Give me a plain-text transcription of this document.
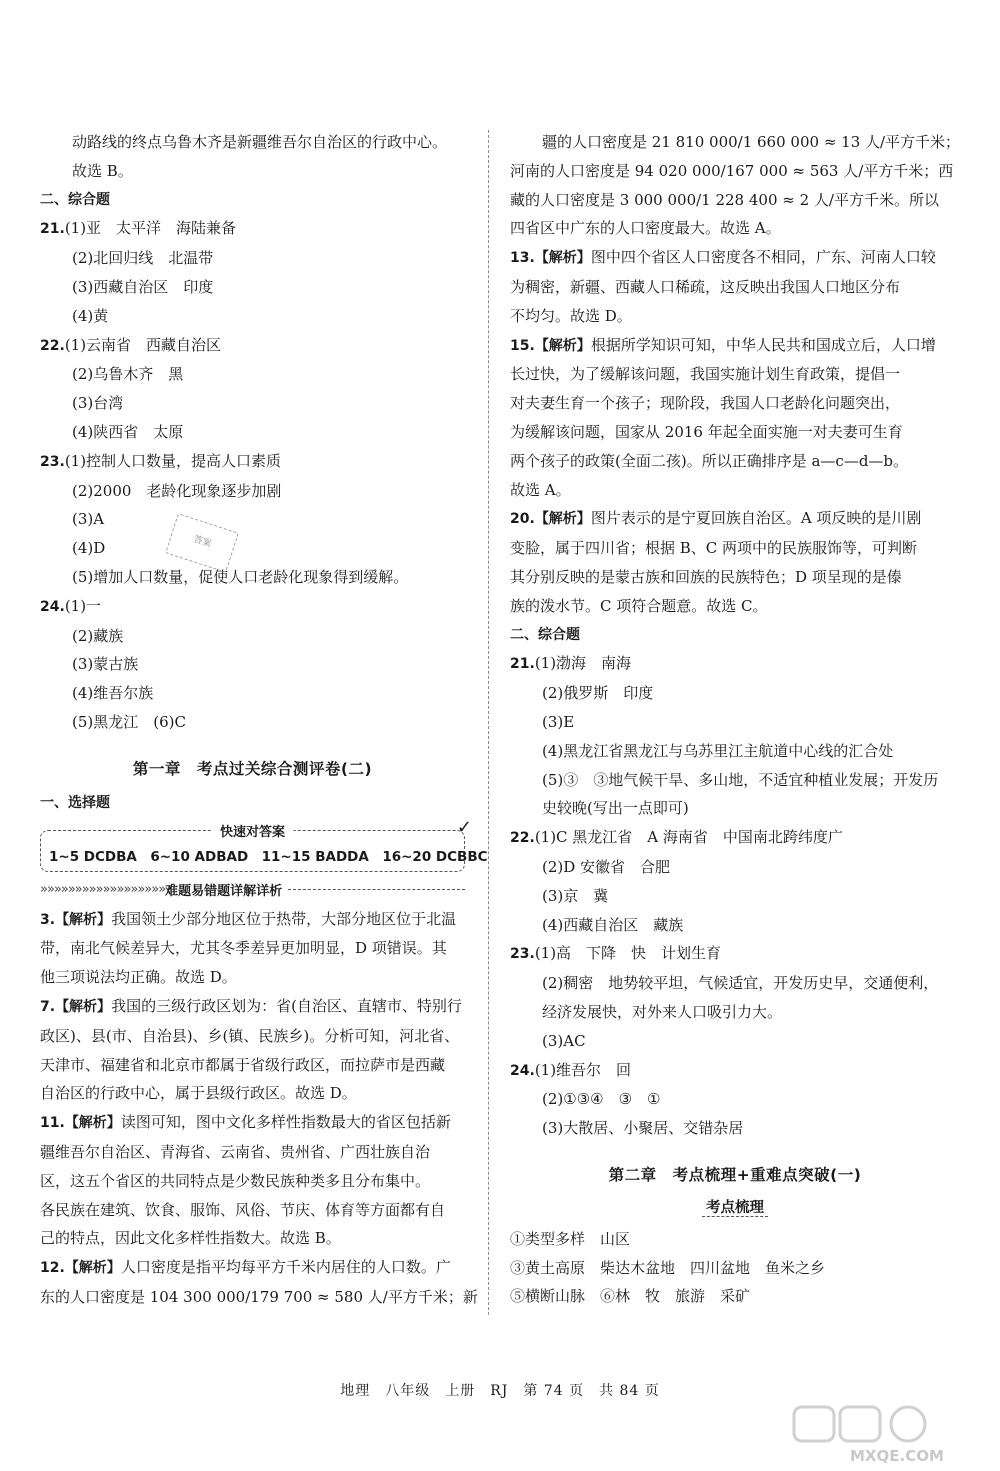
动路线的终点乌鲁木齐是新疆维吾尔自治区的行政中心。
故选 B。
二、综合题
21.(1)亚　太平洋　海陆兼备
(2)北回归线　北温带
(3)西藏自治区　印度
(4)黄
22.(1)云南省　西藏自治区
(2)乌鲁木齐　黑
(3)台湾
(4)陕西省　太原
23.(1)控制人口数量，提高人口素质
(2)2000　老龄化现象逐步加剧
(3)A
(4)D
(5)增加人口数量，促使人口老龄化现象得到缓解。
24.(1)一
(2)藏族
(3)蒙古族
(4)维吾尔族
(5)黑龙江　(6)C
第一章　考点过关综合测评卷(二)
一、选择题
快速对答案	✓
1~5 DCDBA　6~10 ADBAD　11~15 BADDA　16~20 DCBBC
»»»»»»»»»»»»»»»»»» 难题易错题详解详析
3.【解析】我国领土少部分地区位于热带，大部分地区位于北温
带，南北气候差异大，尤其冬季差异更加明显，D 项错误。其
他三项说法均正确。故选 D。
7.【解析】我国的三级行政区划为：省(自治区、直辖市、特别行
政区)、县(市、自治县)、乡(镇、民族乡)。分析可知，河北省、
天津市、福建省和北京市都属于省级行政区，而拉萨市是西藏
自治区的行政中心，属于县级行政区。故选 D。
11.【解析】读图可知，图中文化多样性指数最大的省区包括新
疆维吾尔自治区、青海省、云南省、贵州省、广西壮族自治
区，这五个省区的共同特点是少数民族种类多且分布集中。
各民族在建筑、饮食、服饰、风俗、节庆、体育等方面都有自
己的特点，因此文化多样性指数大。故选 B。
12.【解析】人口密度是指平均每平方千米内居住的人口数。广
东的人口密度是 104 300 000/179 700 ≈ 580 人/平方千米；新
疆的人口密度是 21 810 000/1 660 000 ≈ 13 人/平方千米；
河南的人口密度是 94 020 000/167 000 ≈ 563 人/平方千米；西
藏的人口密度是 3 000 000/1 228 400 ≈ 2 人/平方千米。所以
四省区中广东的人口密度最大。故选 A。
13.【解析】图中四个省区人口密度各不相同，广东、河南人口较
为稠密，新疆、西藏人口稀疏，这反映出我国人口地区分布
不均匀。故选 D。
15.【解析】根据所学知识可知，中华人民共和国成立后，人口增
长过快，为了缓解该问题，我国实施计划生育政策，提倡一
对夫妻生育一个孩子；现阶段，我国人口老龄化问题突出，
为缓解该问题，国家从 2016 年起全面实施一对夫妻可生育
两个孩子的政策(全面二孩)。所以正确排序是 a—c—d—b。
故选 A。
20.【解析】图片表示的是宁夏回族自治区。A 项反映的是川剧
变脸，属于四川省；根据 B、C 两项中的民族服饰等，可判断
其分别反映的是蒙古族和回族的民族特色；D 项呈现的是傣
族的泼水节。C 项符合题意。故选 C。
二、综合题
21.(1)渤海　南海
(2)俄罗斯　印度
(3)E
(4)黑龙江省黑龙江与乌苏里江主航道中心线的汇合处
(5)③　③地气候干旱、多山地，不适宜种植业发展；开发历
史较晚(写出一点即可)
22.(1)C 黑龙江省　A 海南省　中国南北跨纬度广
(2)D 安徽省　合肥
(3)京　冀
(4)西藏自治区　藏族
23.(1)高　下降　快　计划生育
(2)稠密　地势较平坦，气候适宜，开发历史早，交通便利，
经济发展快，对外来人口吸引力大。
(3)AC
24.(1)维吾尔　回
(2)①③④　③　①
(3)大散居、小聚居、交错杂居
第二章　考点梳理+重难点突破(一)
考点梳理
①类型多样　山区
③黄土高原　柴达木盆地　四川盆地　鱼米之乡
⑤横断山脉　⑥林　牧　旅游　采矿
答案
地理　八年级　上册　RJ　第 74 页　共 84 页
MXQE.COM
